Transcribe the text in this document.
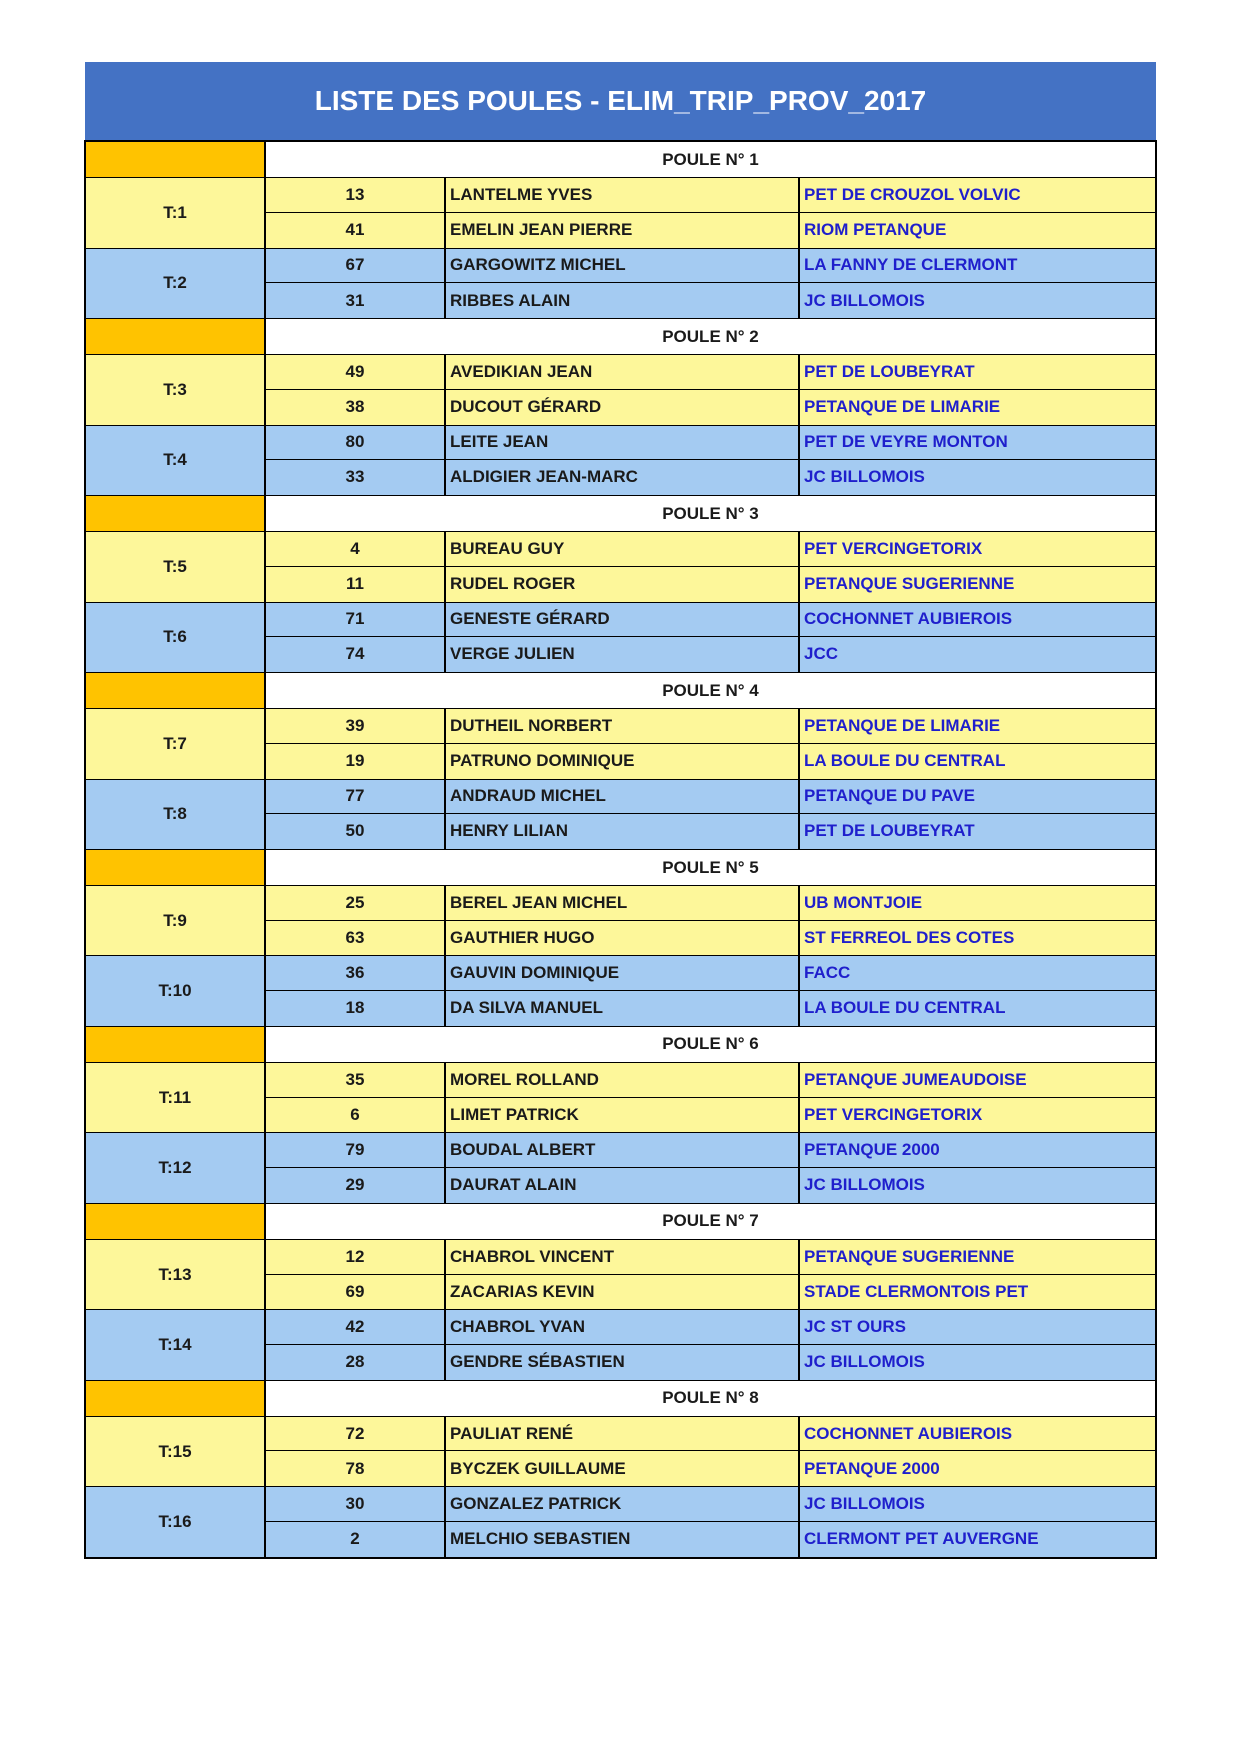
LISTE DES POULES - ELIM_TRIP_PROV_2017
POULE N° 1
T:1
13	LANTELME YVES	PET DE CROUZOL VOLVIC
41	EMELIN JEAN PIERRE	RIOM PETANQUE
T:2
67	GARGOWITZ MICHEL	LA FANNY DE CLERMONT
31	RIBBES ALAIN	JC BILLOMOIS
POULE N° 2
T:3
49	AVEDIKIAN JEAN	PET DE LOUBEYRAT
38	DUCOUT GÉRARD	PETANQUE DE LIMARIE
T:4
80	LEITE JEAN	PET DE VEYRE MONTON
33	ALDIGIER JEAN-MARC	JC BILLOMOIS
POULE N° 3
T:5
4	BUREAU GUY	PET VERCINGETORIX
11	RUDEL ROGER	PETANQUE SUGERIENNE
T:6
71	GENESTE GÉRARD	COCHONNET AUBIEROIS
74	VERGE JULIEN	JCC
POULE N° 4
T:7
39	DUTHEIL NORBERT	PETANQUE DE LIMARIE
19	PATRUNO DOMINIQUE	LA BOULE DU CENTRAL
T:8
77	ANDRAUD MICHEL	PETANQUE DU PAVE
50	HENRY LILIAN	PET DE LOUBEYRAT
POULE N° 5
T:9
25	BEREL JEAN MICHEL	UB MONTJOIE
63	GAUTHIER HUGO	ST FERREOL DES COTES
T:10
36	GAUVIN DOMINIQUE	FACC
18	DA SILVA MANUEL	LA BOULE DU CENTRAL
POULE N° 6
T:11
35	MOREL ROLLAND	PETANQUE JUMEAUDOISE
6	LIMET PATRICK	PET VERCINGETORIX
T:12
79	BOUDAL ALBERT	PETANQUE 2000
29	DAURAT ALAIN	JC BILLOMOIS
POULE N° 7
T:13
12	CHABROL VINCENT	PETANQUE SUGERIENNE
69	ZACARIAS KEVIN	STADE CLERMONTOIS PET
T:14
42	CHABROL YVAN	JC ST OURS
28	GENDRE SÉBASTIEN	JC BILLOMOIS
POULE N° 8
T:15
72	PAULIAT RENÉ	COCHONNET AUBIEROIS
78	BYCZEK GUILLAUME	PETANQUE 2000
T:16
30	GONZALEZ PATRICK	JC BILLOMOIS
2	MELCHIO SEBASTIEN	CLERMONT PET AUVERGNE
